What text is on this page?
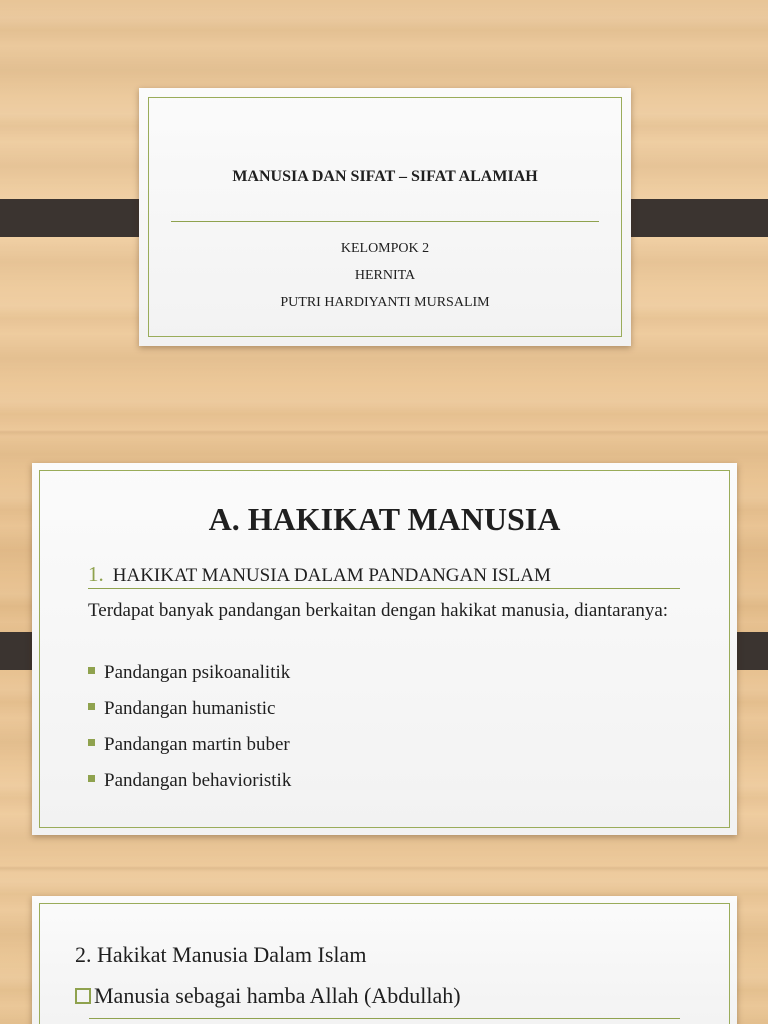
MANUSIA DAN SIFAT – SIFAT ALAMIAH
KELOMPOK 2
HERNITA
PUTRI HARDIYANTI MURSALIM
A. HAKIKAT MANUSIA
1. HAKIKAT MANUSIA DALAM PANDANGAN ISLAM

Terdapat banyak pandangan berkaitan dengan hakikat manusia, diantaranya:

Pandangan psikoanalitik
Pandangan humanistic
Pandangan martin buber
Pandangan behavioristik
2. Hakikat Manusia Dalam Islam
Manusia sebagai hamba Allah (Abdullah)
